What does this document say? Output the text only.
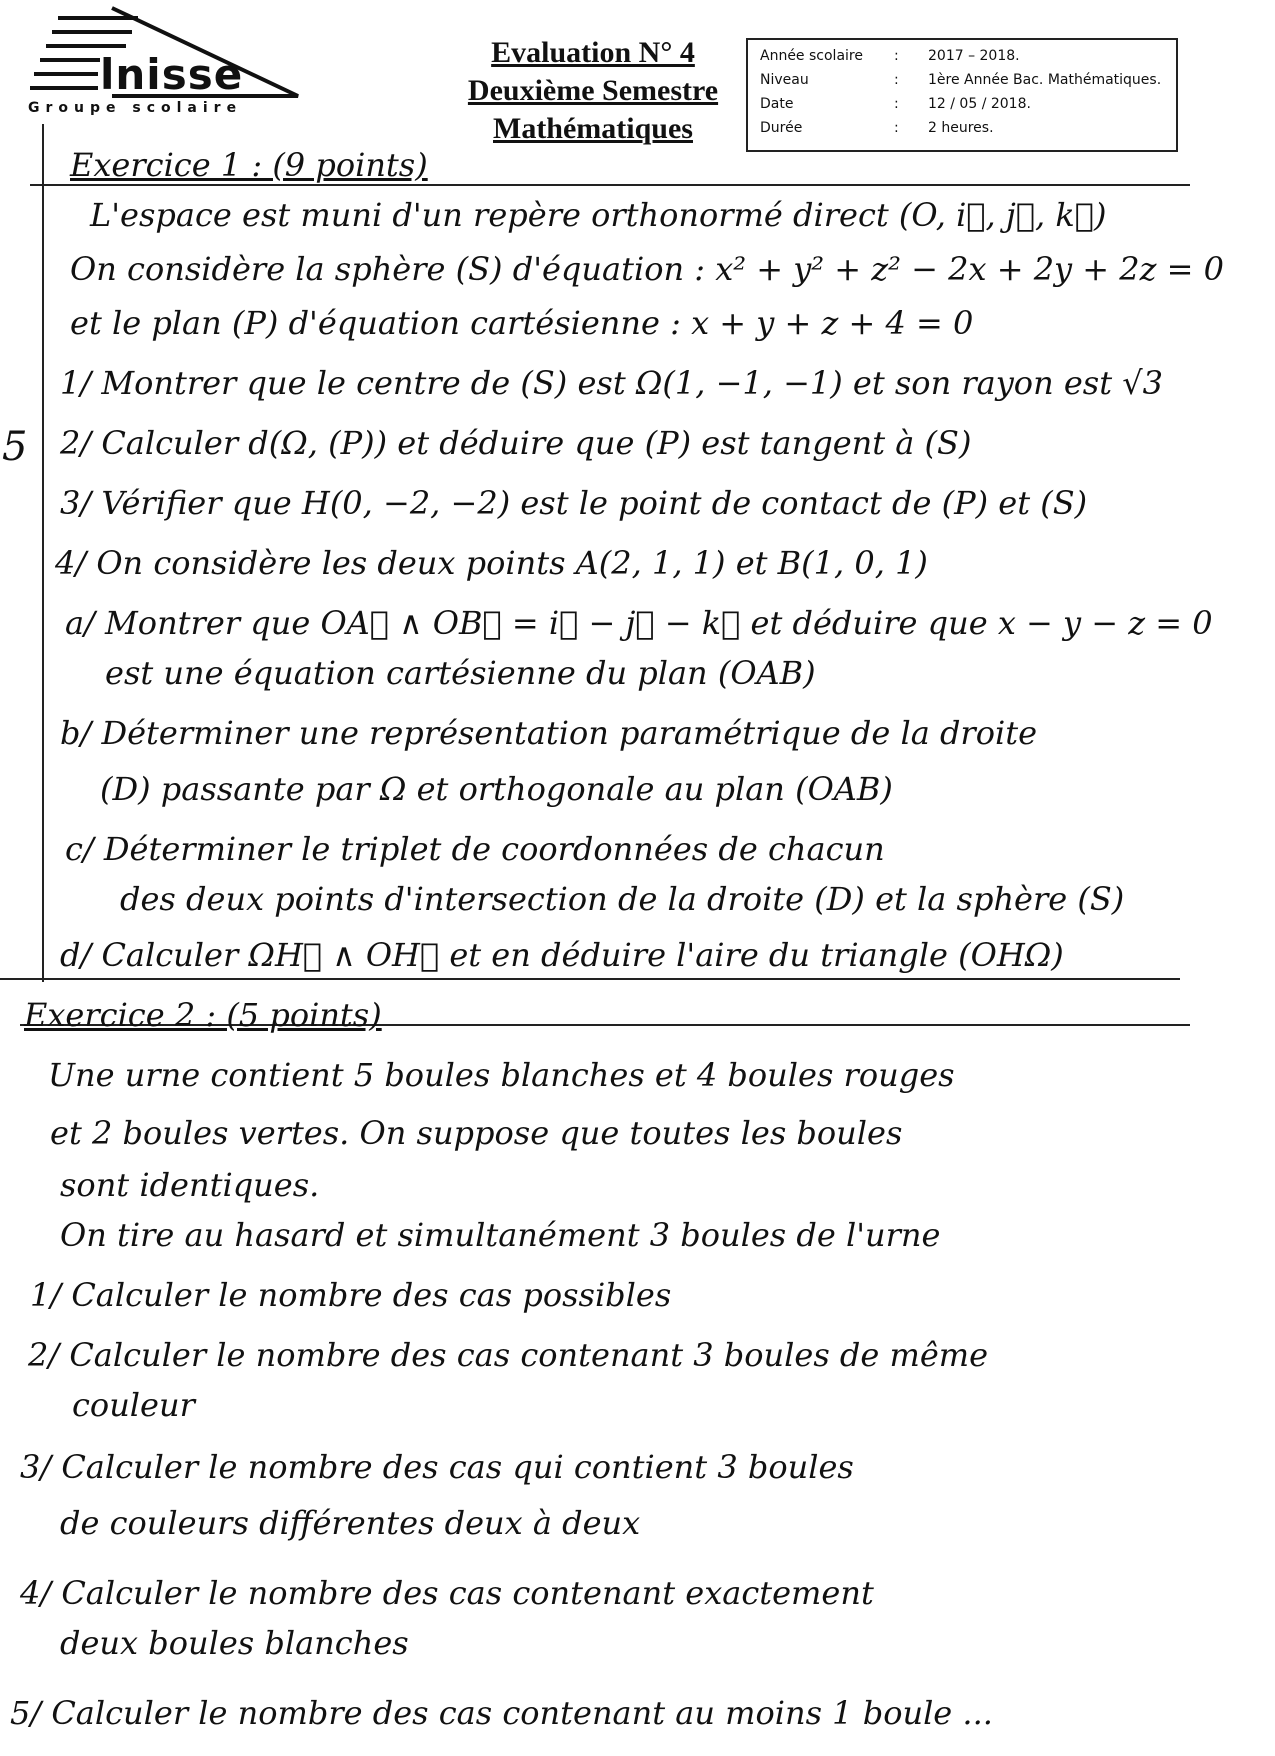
lnisse
Groupe scolaire
Evaluation N° 4
Deuxième Semestre
Mathématiques
Année scolaire	:	2017 – 2018.
Niveau	:	1ère Année Bac. Mathématiques.
Date	:	12 / 05 / 2018.
Durée	:	2 heures.
5
Exercice 1 : (9 points)
L'espace est muni d'un repère orthonormé direct (O, i⃗, j⃗, k⃗)
On considère la sphère (S) d'équation : x² + y² + z² − 2x + 2y + 2z = 0
et le plan (P) d'équation cartésienne : x + y + z + 4 = 0
1/ Montrer que le centre de (S) est Ω(1, −1, −1) et son rayon est √3
2/ Calculer d(Ω, (P)) et déduire que (P) est tangent à (S)
3/ Vérifier que H(0, −2, −2) est le point de contact de (P) et (S)
4/ On considère les deux points A(2, 1, 1) et B(1, 0, 1)
a/ Montrer que OA⃗ ∧ OB⃗ = i⃗ − j⃗ − k⃗ et déduire que x − y − z = 0
est une équation cartésienne du plan (OAB)
b/ Déterminer une représentation paramétrique de la droite
(D) passante par Ω et orthogonale au plan (OAB)
c/ Déterminer le triplet de coordonnées de chacun
des deux points d'intersection de la droite (D) et la sphère (S)
d/ Calculer ΩH⃗ ∧ OH⃗ et en déduire l'aire du triangle (OHΩ)
Exercice 2 : (5 points)
Une urne contient 5 boules blanches et 4 boules rouges
et 2 boules vertes. On suppose que toutes les boules
sont identiques.
On tire au hasard et simultanément 3 boules de l'urne
1/ Calculer le nombre des cas possibles
2/ Calculer le nombre des cas contenant 3 boules de même
couleur
3/ Calculer le nombre des cas qui contient 3 boules
de couleurs différentes deux à deux
4/ Calculer le nombre des cas contenant exactement
deux boules blanches
5/ Calculer le nombre des cas contenant au moins 1 boule ...
